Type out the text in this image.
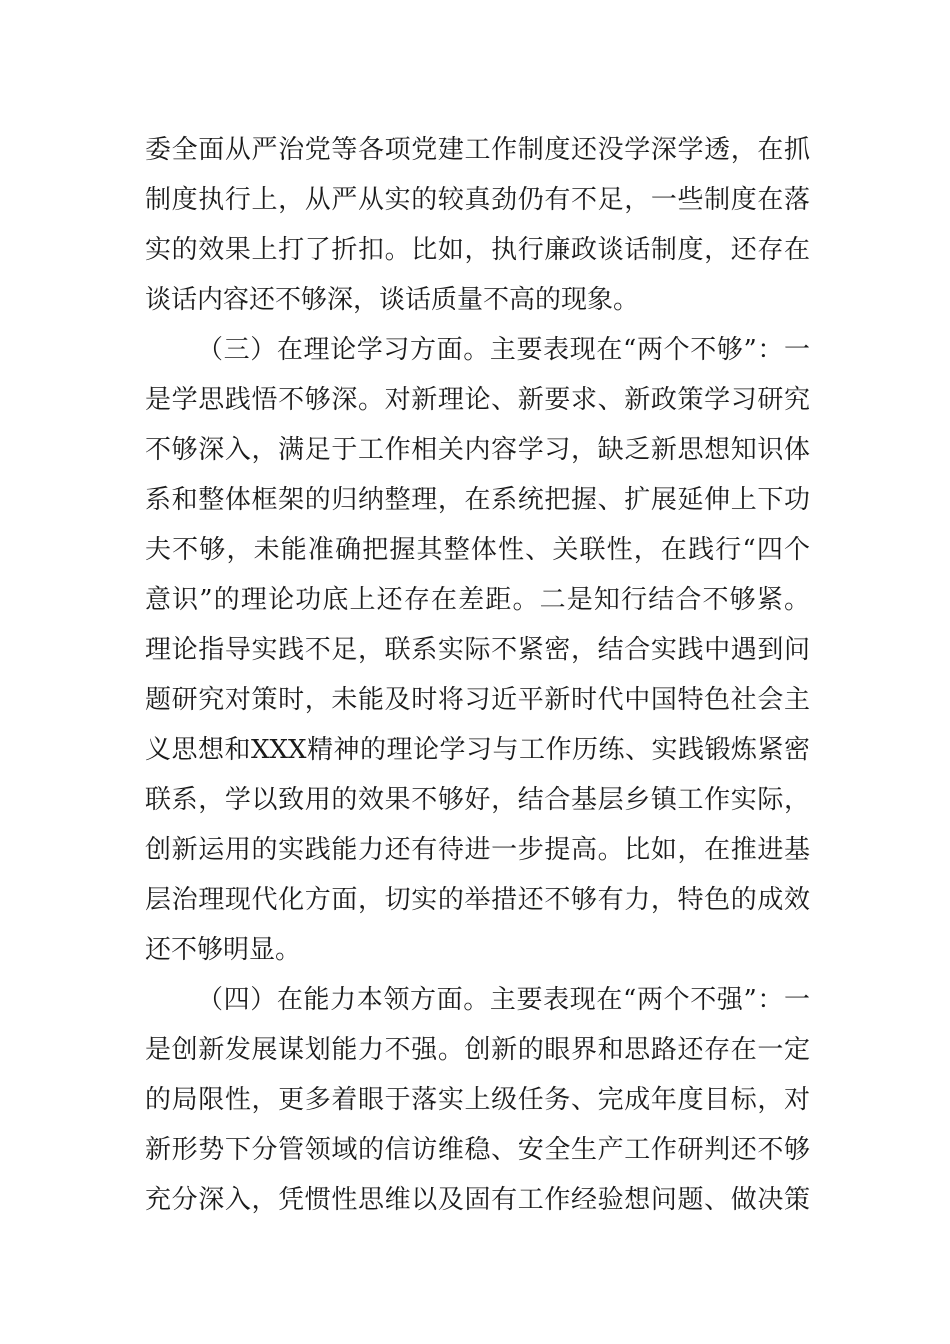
委全面从严治党等各项党建工作制度还没学深学透，在抓
制度执行上，从严从实的较真劲仍有不足，一些制度在落
实的效果上打了折扣。比如，执行廉政谈话制度，还存在
谈话内容还不够深，谈话质量不高的现象。
（三）在理论学习方面。主要表现在“两个不够”：一
是学思践悟不够深。对新理论、新要求、新政策学习研究
不够深入，满足于工作相关内容学习，缺乏新思想知识体
系和整体框架的归纳整理，在系统把握、扩展延伸上下功
夫不够，未能准确把握其整体性、关联性，在践行“四个
意识”的理论功底上还存在差距。二是知行结合不够紧。
理论指导实践不足，联系实际不紧密，结合实践中遇到问
题研究对策时，未能及时将习近平新时代中国特色社会主
义思想和XXX精神的理论学习与工作历练、实践锻炼紧密
联系，学以致用的效果不够好，结合基层乡镇工作实际，
创新运用的实践能力还有待进一步提高。比如，在推进基
层治理现代化方面，切实的举措还不够有力，特色的成效
还不够明显。
（四）在能力本领方面。主要表现在“两个不强”：一
是创新发展谋划能力不强。创新的眼界和思路还存在一定
的局限性，更多着眼于落实上级任务、完成年度目标，对
新形势下分管领域的信访维稳、安全生产工作研判还不够
充分深入，凭惯性思维以及固有工作经验想问题、做决策
